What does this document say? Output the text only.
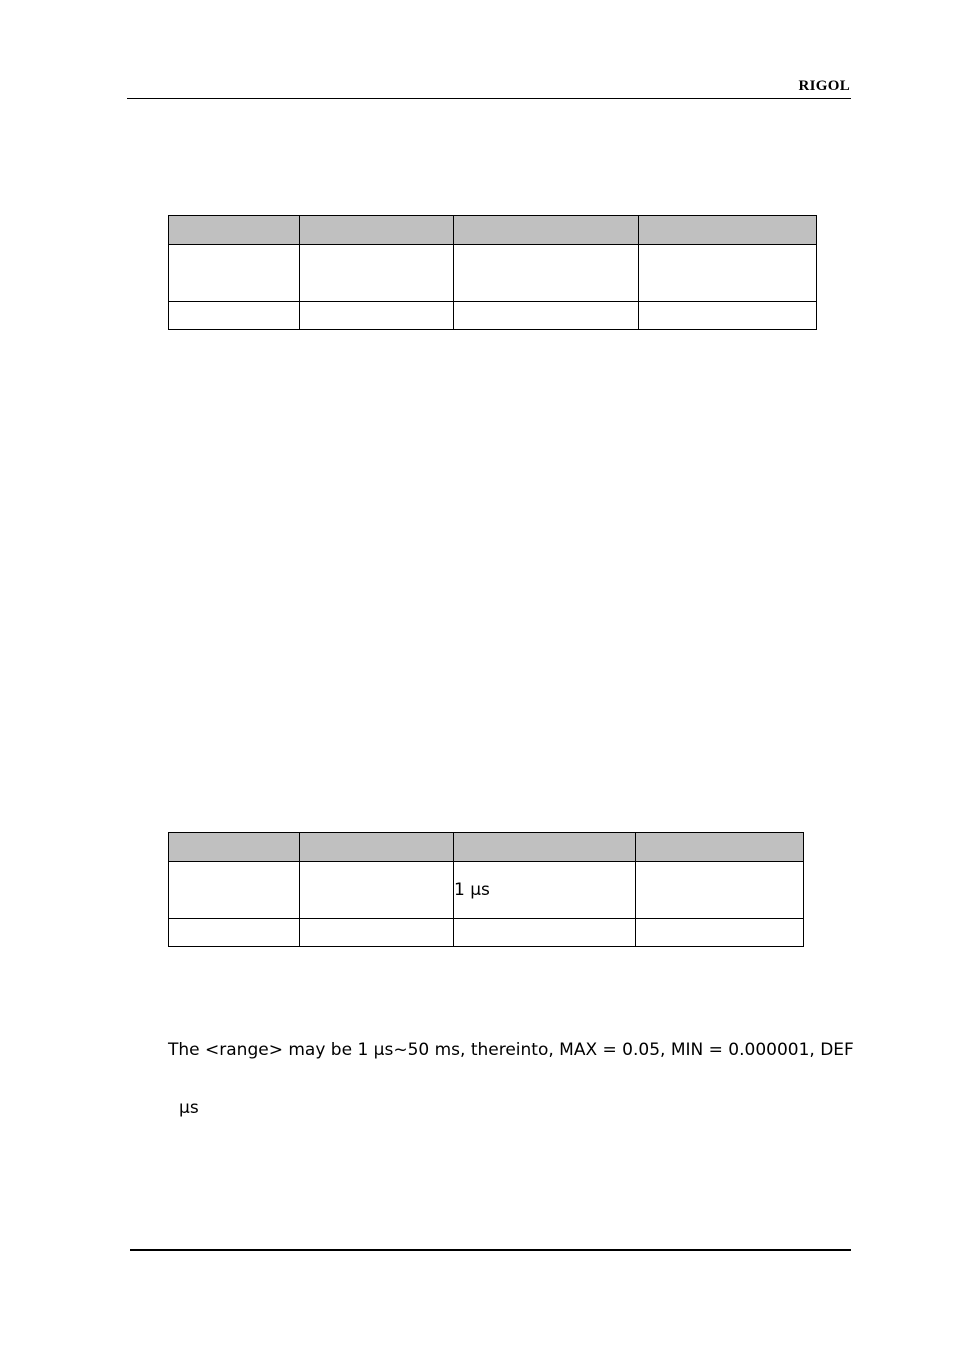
RIGOL

		1 µs	

The <range> may be 1 µs~50 ms, thereinto, MAX = 0.05, MIN = 0.000001, DEF
µs
